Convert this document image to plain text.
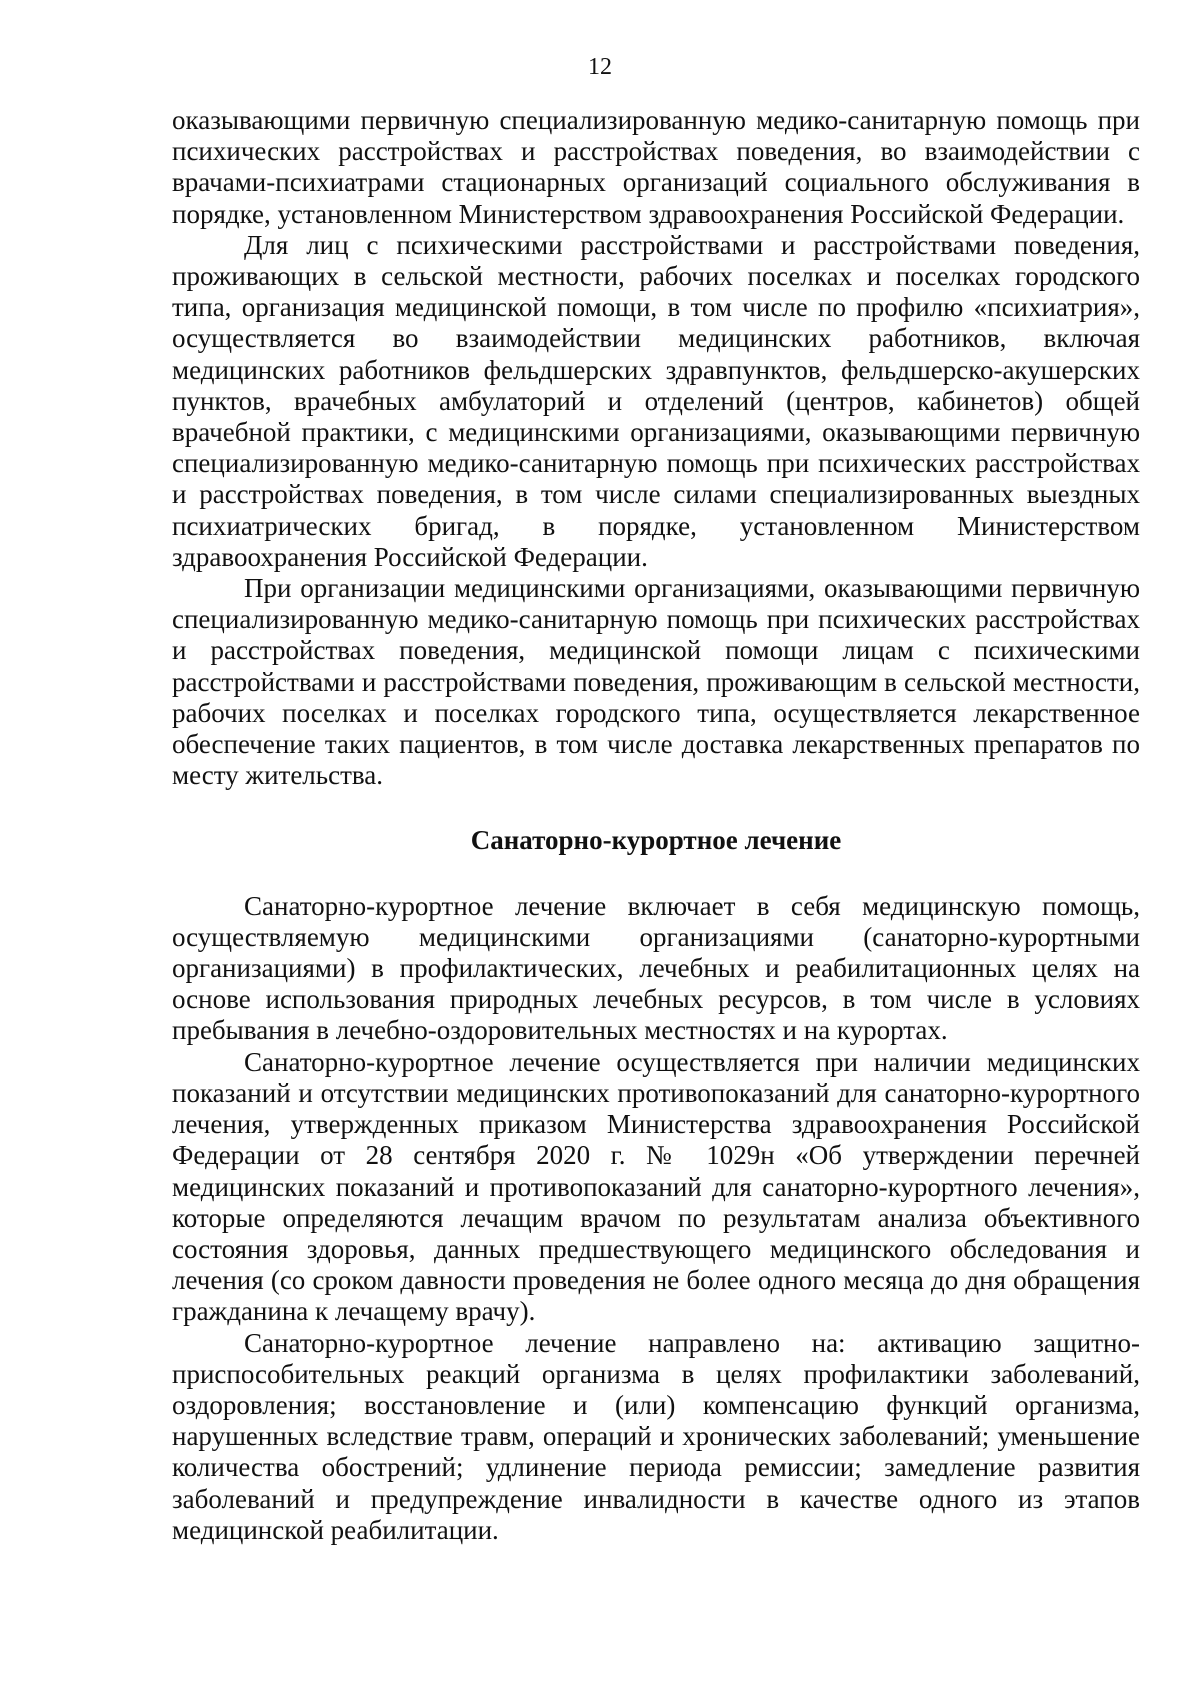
12

оказывающими первичную специализированную медико-санитарную помощь при психических расстройствах и расстройствах поведения, во взаимодействии с врачами-психиатрами стационарных организаций социального обслуживания в порядке, установленном Министерством здравоохранения Российской Федерации.

Для лиц с психическими расстройствами и расстройствами поведения, проживающих в сельской местности, рабочих поселках и поселках городского типа, организация медицинской помощи, в том числе по профилю «психиатрия», осуществляется во взаимодействии медицинских работников, включая медицинских работников фельдшерских здравпунктов, фельдшерско-акушерских пунктов, врачебных амбулаторий и отделений (центров, кабинетов) общей врачебной практики, с медицинскими организациями, оказывающими первичную специализированную медико-санитарную помощь при психических расстройствах и расстройствах поведения, в том числе силами специализированных выездных психиатрических бригад, в порядке, установленном Министерством здравоохранения Российской Федерации.

При организации медицинскими организациями, оказывающими первичную специализированную медико-санитарную помощь при психических расстройствах и расстройствах поведения, медицинской помощи лицам с психическими расстройствами и расстройствами поведения, проживающим в сельской местности, рабочих поселках и поселках городского типа, осуществляется лекарственное обеспечение таких пациентов, в том числе доставка лекарственных препаратов по месту жительства.

Санаторно-курортное лечение

Санаторно-курортное лечение включает в себя медицинскую помощь, осуществляемую медицинскими организациями (санаторно-курортными организациями) в профилактических, лечебных и реабилитационных целях на основе использования природных лечебных ресурсов, в том числе в условиях пребывания в лечебно-оздоровительных местностях и на курортах.

Санаторно-курортное лечение осуществляется при наличии медицинских показаний и отсутствии медицинских противопоказаний для санаторно-курортного лечения, утвержденных приказом Министерства здравоохранения Российской Федерации от 28 сентября 2020 г. № 1029н «Об утверждении перечней медицинских показаний и противопоказаний для санаторно-курортного лечения», которые определяются лечащим врачом по результатам анализа объективного состояния здоровья, данных предшествующего медицинского обследования и лечения (со сроком давности проведения не более одного месяца до дня обращения гражданина к лечащему врачу).

Санаторно-курортное лечение направлено на: активацию защитно-приспособительных реакций организма в целях профилактики заболеваний, оздоровления; восстановление и (или) компенсацию функций организма, нарушенных вследствие травм, операций и хронических заболеваний; уменьшение количества обострений; удлинение периода ремиссии; замедление развития заболеваний и предупреждение инвалидности в качестве одного из этапов медицинской реабилитации.
